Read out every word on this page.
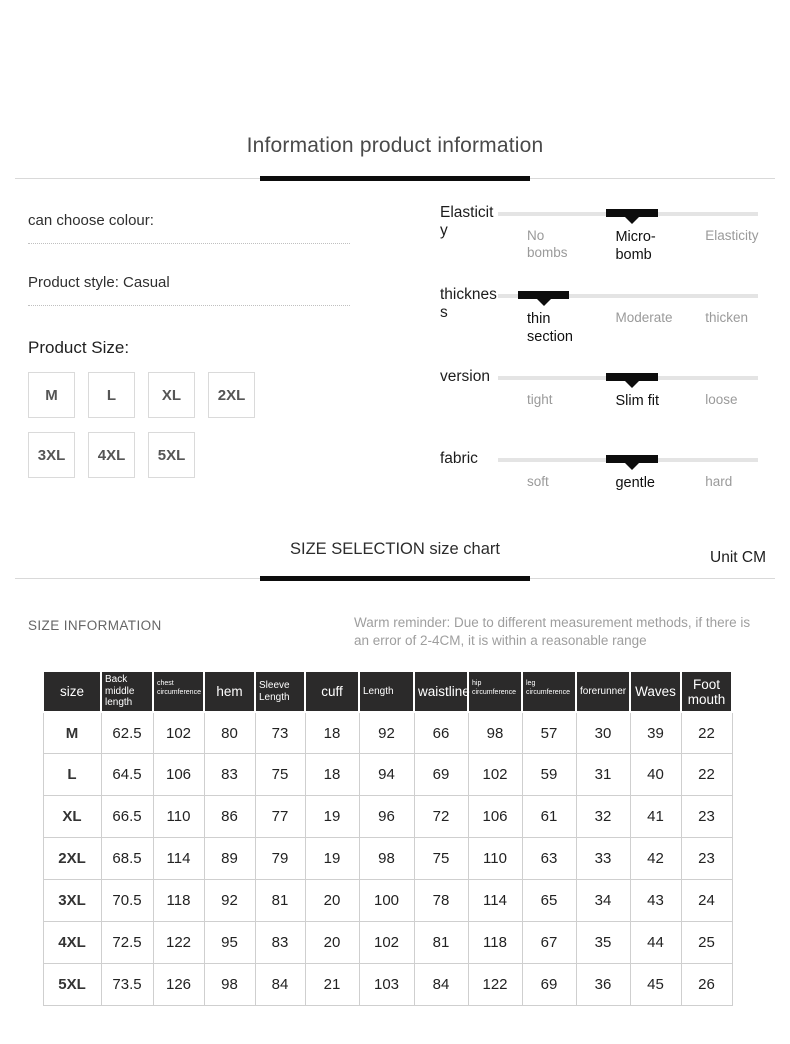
Information product information
can choose colour:
Product style: Casual
Product Size:
M	L	XL	2XL
3XL	4XL	5XL
Elasticity	No bombs
Micro-bomb
Elasticity
thickness	thin section
Moderate thicken
version
tight	Slim fit	loose
fabric
soft	gentle	hard
SIZE SELECTION size chart	Unit CM
SIZE INFORMATION	Warm reminder: Due to different measurement methods, if there is an error of 2-4CM, it is within a reasonable range
size	Back middle length	chest circumference	hem	Sleeve Length	cuff	Length	waistline	hip circumference	leg circumference	forerunner	Waves	Foot mouth
M	62.5	102	80	73	18	92	66	98	57	30	39	22
L	64.5	106	83	75	18	94	69	102	59	31	40	22
XL	66.5	110	86	77	19	96	72	106	61	32	41	23
2XL	68.5	114	89	79	19	98	75	110	63	33	42	23
3XL	70.5	118	92	81	20	100	78	114	65	34	43	24
4XL	72.5	122	95	83	20	102	81	118	67	35	44	25
5XL	73.5	126	98	84	21	103	84	122	69	36	45	26
